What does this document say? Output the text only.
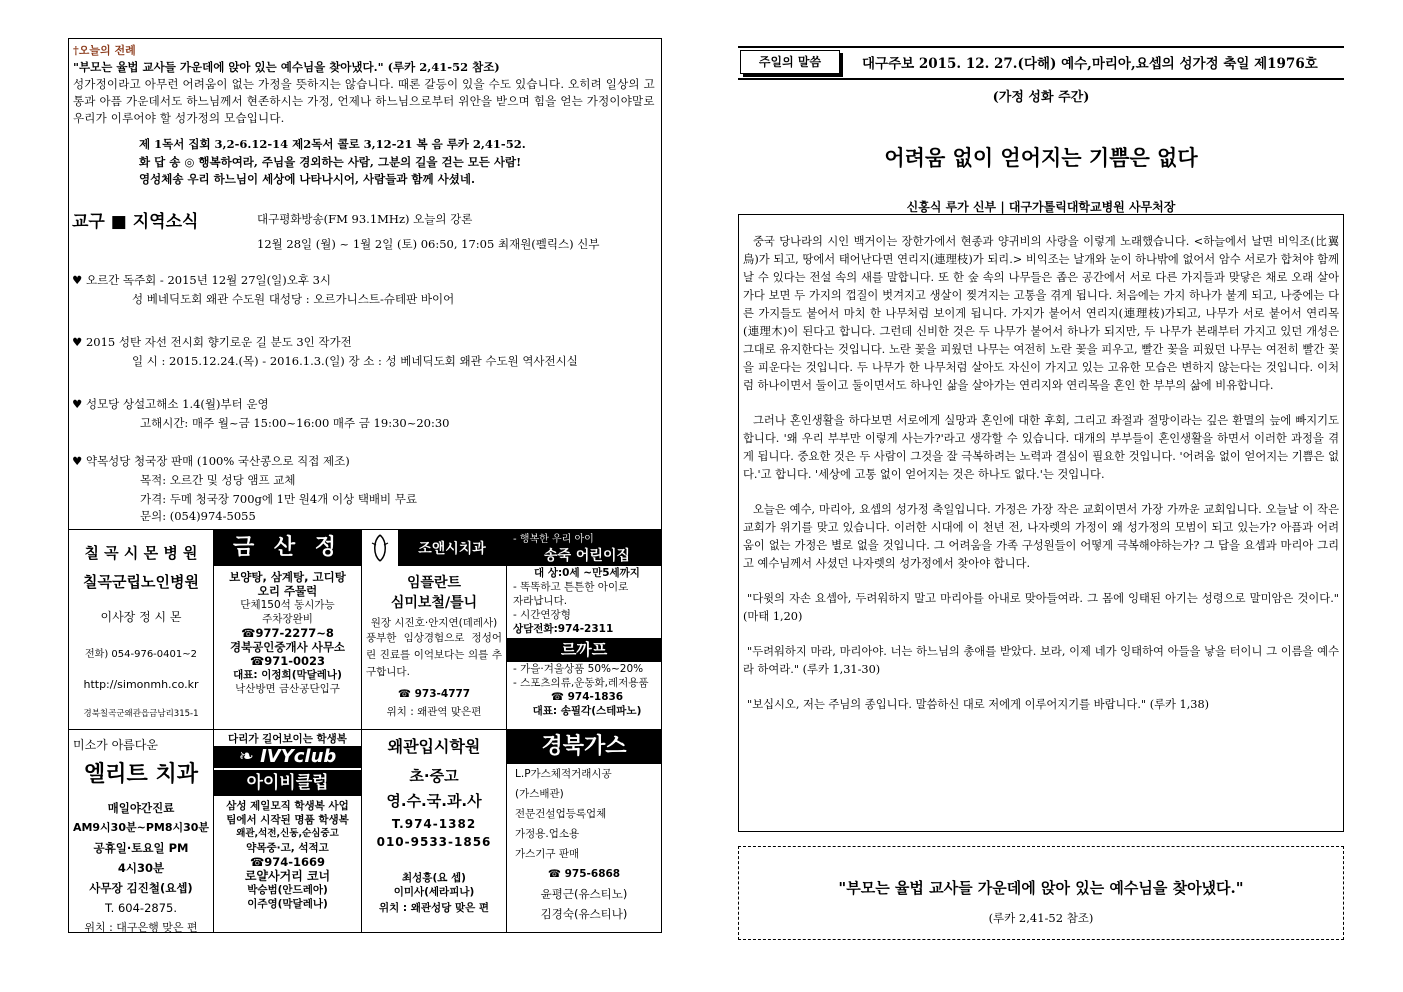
†오늘의 전례
"부모는 율법 교사들 가운데에 앉아 있는 예수님을 찾아냈다." (루카 2,41-52 참조)
성가정이라고 아무런 어려움이 없는 가정을 뜻하지는 않습니다. 때론 갈등이 있을 수도 있습니다. 오히려 일상의 고통과 아픔 가운데서도 하느님께서 현존하시는 가정, 언제나 하느님으로부터 위안을 받으며 힘을 얻는 가정이야말로 우리가 이루어야 할 성가정의 모습입니다.
제 1독서 집회 3,2-6.12-14 제2독서 콜로 3,12-21 복 음 루카 2,41-52.
화 답 송 ◎ 행복하여라, 주님을 경외하는 사람, 그분의 길을 걷는 모든 사람!
영성체송 우리 하느님이 세상에 나타나시어, 사람들과 함께 사셨네.
교구 ■ 지역소식	대구평화방송(FM 93.1MHz) 오늘의 강론
12월 28일 (월) ~ 1월 2일 (토) 06:50, 17:05 최재원(펠릭스) 신부
♥ 오르간 독주회 - 2015년 12월 27일(일)오후 3시
성 베네딕도회 왜관 수도원 대성당 : 오르가니스트-슈테판 바이어
♥ 2015 성탄 자선 전시회 향기로운 길 분도 3인 작가전
일 시 : 2015.12.24.(목) - 2016.1.3.(일) 장 소 : 성 베네딕도회 왜관 수도원 역사전시실
♥ 성모당 상설고해소 1.4(월)부터 운영
고해시간: 매주 월~금 15:00~16:00 매주 금 19:30~20:30
♥ 약목성당 청국장 판매 (100% 국산콩으로 직접 제조)
목적: 오르간 및 성당 앰프 교체
가격: 두메 청국장 700g에 1만 원4개 이상 택배비 무료
문의: (054)974-5055
칠 곡 시 몬 병 원
칠곡군립노인병원
이사장 정 시 몬
전화) 054-976-0401~2
http://simonmh.co.kr
경북칠곡군왜관읍금남리315-1
금 산 정
보양탕, 삼계탕, 고디탕
오리 주물럭
단체150석 동시가능
주차장완비
☎977-2277~8
경북공인중개사 사무소
☎971-0023
대표: 이정희(막달레나)
낙산방면 금산공단입구
조앤시치과
임플란트
심미보철/틀니
원장 시진호·안지연(데레사)
풍부한 임상경험으로 정성어린 진료를 이억보다는 의를 추구합니다.
☎ 973-4777
위치 : 왜관역 맞은편
- 행복한 우리 아이
송죽 어린이집
대 상:0세 ~만5세까지
- 똑똑하고 튼튼한 아이로
자라납니다.
- 시간연장형
상담전화:974-2311
르까프
- 가을·겨울상품 50%~20%
- 스포츠의류,운동화,레저용품
☎ 974-1836
대표: 송필각(스테파노)
미소가 아름다운
엘리트 치과
매일야간진료
AM9시30분~PM8시30분
공휴일·토요일 PM
4시30분
사무장 김진철(요셉)
T. 604-2875.
위치 : 대구은행 맞은 편
다리가 길어보이는 학생복
❧ IVYclub
아이비클럽
삼성 제일모직 학생복 사업
팀에서 시작된 명품 학생복
왜관,석전,신동,순심중고
약목중·고, 석적고
☎974-1669
로얄사거리 코너
박승범(안드레아)
이주영(막달레나)
왜관입시학원
초·중고
영.수.국.과.사
T.974-1382
010-9533-1856
최성흥(요 셉)
이미사(세라피나)
위치 : 왜관성당 맞은 편
경북가스
L.P가스체적거래시공
(가스배관)
전문건설업등록업체
가정용.업소용
가스기구 판매
☎ 975-6868
윤평근(유스티노)
김경숙(유스티나)
주일의 말씀	대구주보 2015. 12. 27.(다해) 예수,마리아,요셉의 성가정 축일 제1976호
(가정 성화 주간)
어려움 없이 얻어지는 기쁨은 없다
신홍식 루가 신부 | 대구가톨릭대학교병원 사무처장

중국 당나라의 시인 백거이는 장한가에서 현종과 양귀비의 사랑을 이렇게 노래했습니다. <하늘에서 날면 비익조(比翼鳥)가 되고, 땅에서 태어난다면 연리지(連理枝)가 되리.> 비익조는 날개와 눈이 하나밖에 없어서 암수 서로가 합쳐야 함께 날 수 있다는 전설 속의 새를 말합니다. 또 한 숲 속의 나무들은 좁은 공간에서 서로 다른 가지들과 맞닿은 채로 오래 살아가다 보면 두 가지의 껍질이 벗겨지고 생살이 찢겨지는 고통을 겪게 됩니다. 처음에는 가지 하나가 붙게 되고, 나중에는 다른 가지들도 붙어서 마치 한 나무처럼 보이게 됩니다. 가지가 붙어서 연리지(連理枝)가되고, 나무가 서로 붙어서 연리목(連理木)이 된다고 합니다. 그런데 신비한 것은 두 나무가 붙어서 하나가 되지만, 두 나무가 본래부터 가지고 있던 개성은 그대로 유지한다는 것입니다. 노란 꽃을 피웠던 나무는 여전히 노란 꽃을 피우고, 빨간 꽃을 피웠던 나무는 여전히 빨간 꽃을 피운다는 것입니다. 두 나무가 한 나무처럼 살아도 자신이 가지고 있는 고유한 모습은 변하지 않는다는 것입니다. 이처럼 하나이면서 둘이고 둘이면서도 하나인 삶을 살아가는 연리지와 연리목을 혼인 한 부부의 삶에 비유합니다.

그러나 혼인생활을 하다보면 서로에게 실망과 혼인에 대한 후회, 그리고 좌절과 절망이라는 깊은 환멸의 늪에 빠지기도 합니다. '왜 우리 부부만 이렇게 사는가?'라고 생각할 수 있습니다. 대개의 부부들이 혼인생활을 하면서 이러한 과정을 겪게 됩니다. 중요한 것은 두 사람이 그것을 잘 극복하려는 노력과 결심이 필요한 것입니다. '어려움 없이 얻어지는 기쁨은 없다.'고 합니다. '세상에 고통 없이 얻어지는 것은 하나도 없다.'는 것입니다.

오늘은 예수, 마리아, 요셉의 성가정 축일입니다. 가정은 가장 작은 교회이면서 가장 가까운 교회입니다. 오늘날 이 작은 교회가 위기를 맞고 있습니다. 이러한 시대에 이 천년 전, 나자렛의 가정이 왜 성가정의 모범이 되고 있는가? 아픔과 어려움이 없는 가정은 별로 없을 것입니다. 그 어려움을 가족 구성원들이 어떻게 극복해야하는가? 그 답을 요셉과 마리아 그리고 예수님께서 사셨던 나자렛의 성가정에서 찾아야 합니다.

"다윗의 자손 요셉아, 두려워하지 말고 마리아를 아내로 맞아들여라. 그 몸에 잉태된 아기는 성령으로 말미암은 것이다." (마태 1,20)

"두려워하지 마라, 마리아야. 너는 하느님의 총애를 받았다. 보라, 이제 네가 잉태하여 아들을 낳을 터이니 그 이름을 예수라 하여라." (루카 1,31-30)

"보십시오, 저는 주님의 종입니다. 말씀하신 대로 저에게 이루어지기를 바랍니다." (루카 1,38)

"부모는 율법 교사들 가운데에 앉아 있는 예수님을 찾아냈다."
(루카 2,41-52 참조)
